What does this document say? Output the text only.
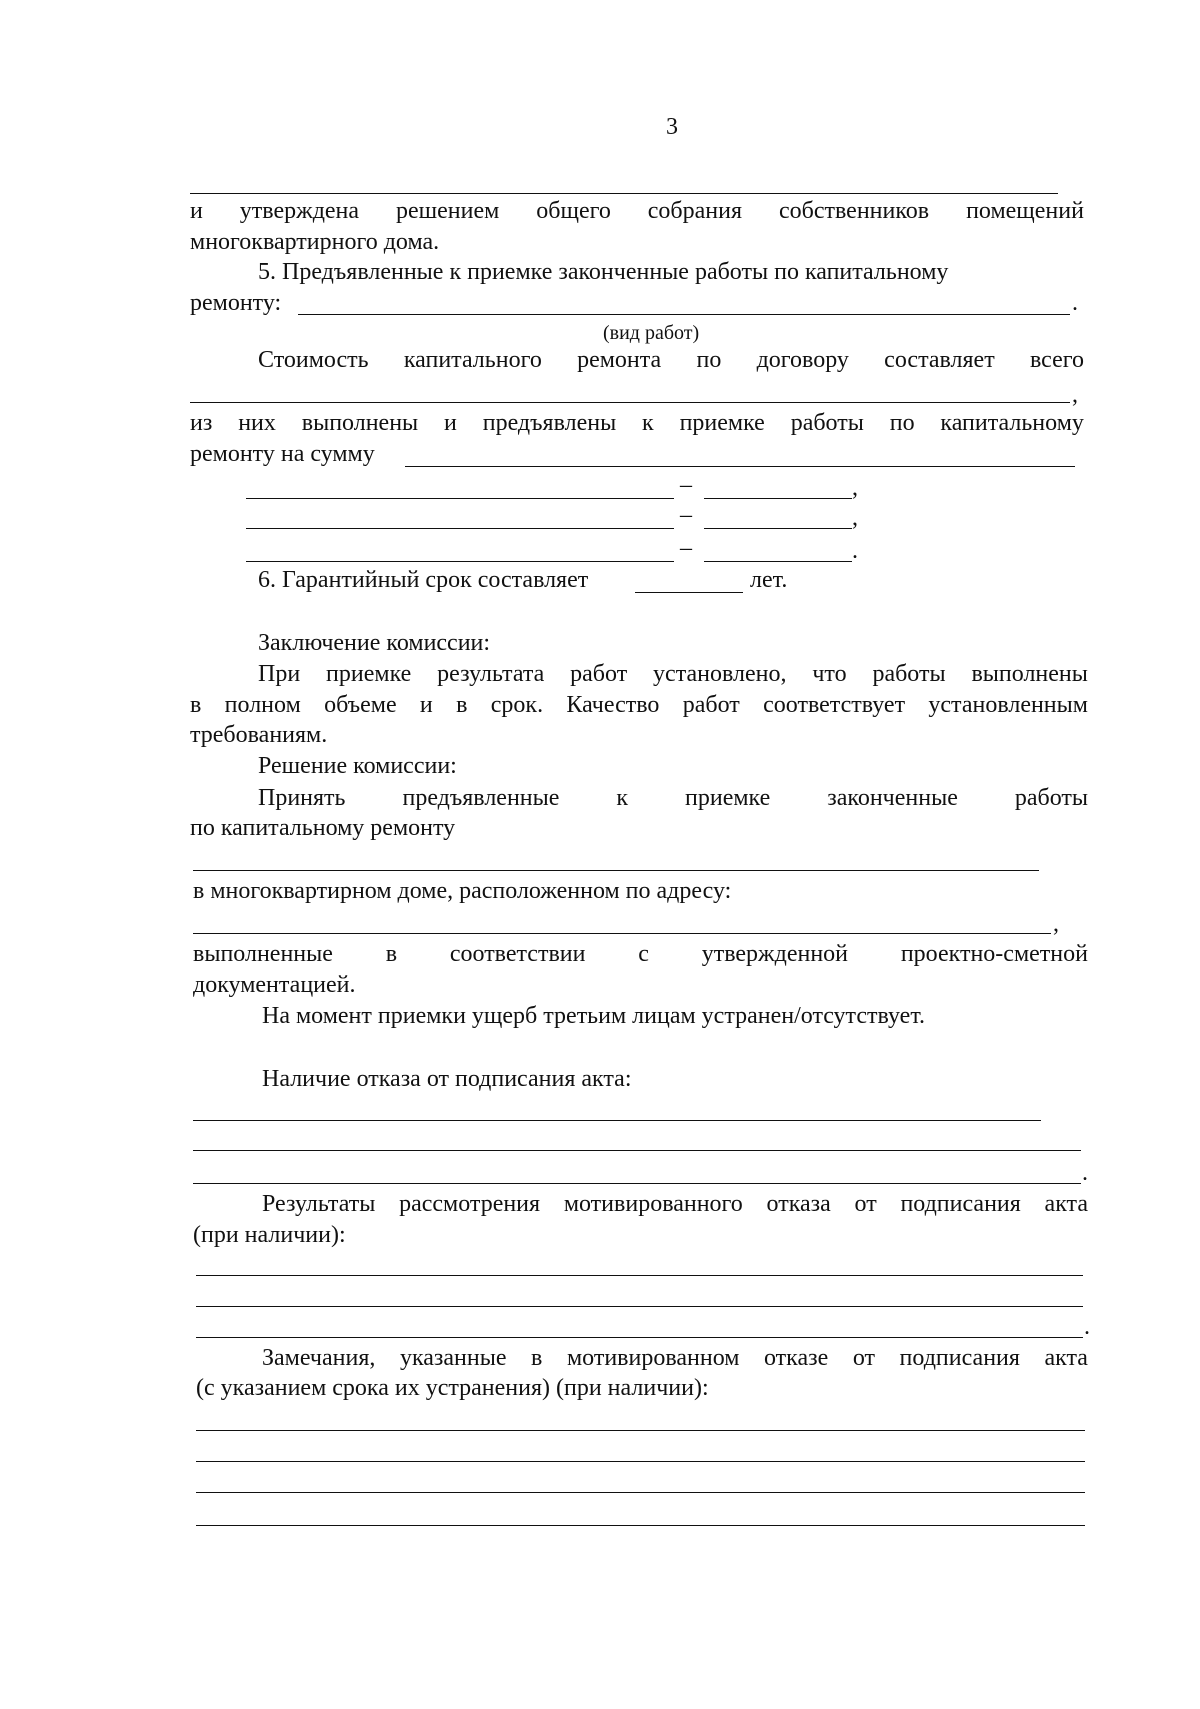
3
и утверждена решением общего собрания собственников помещений
многоквартирного дома.
5. Предъявленные к приемке законченные работы по капитальному
ремонту:	.
(вид работ)
Стоимость капитального ремонта по договору составляет всего
,
из них выполнены и предъявлены к приемке работы по капитальному
ремонту на сумму
–	,
–	,
–	.
6. Гарантийный срок составляет	лет.
Заключение комиссии:
При приемке результата работ установлено, что работы выполнены
в полном объеме и в срок. Качество работ соответствует установленным
требованиям.
Решение комиссии:
Принять предъявленные к приемке законченные работы
по капитальному ремонту
в многоквартирном доме, расположенном по адресу:
,
выполненные в соответствии с утвержденной проектно-сметной
документацией.
На момент приемки ущерб третьим лицам устранен/отсутствует.
Наличие отказа от подписания акта:
.
Результаты рассмотрения мотивированного отказа от подписания акта
(при наличии):
.
Замечания, указанные в мотивированном отказе от подписания акта
(с указанием срока их устранения) (при наличии):
